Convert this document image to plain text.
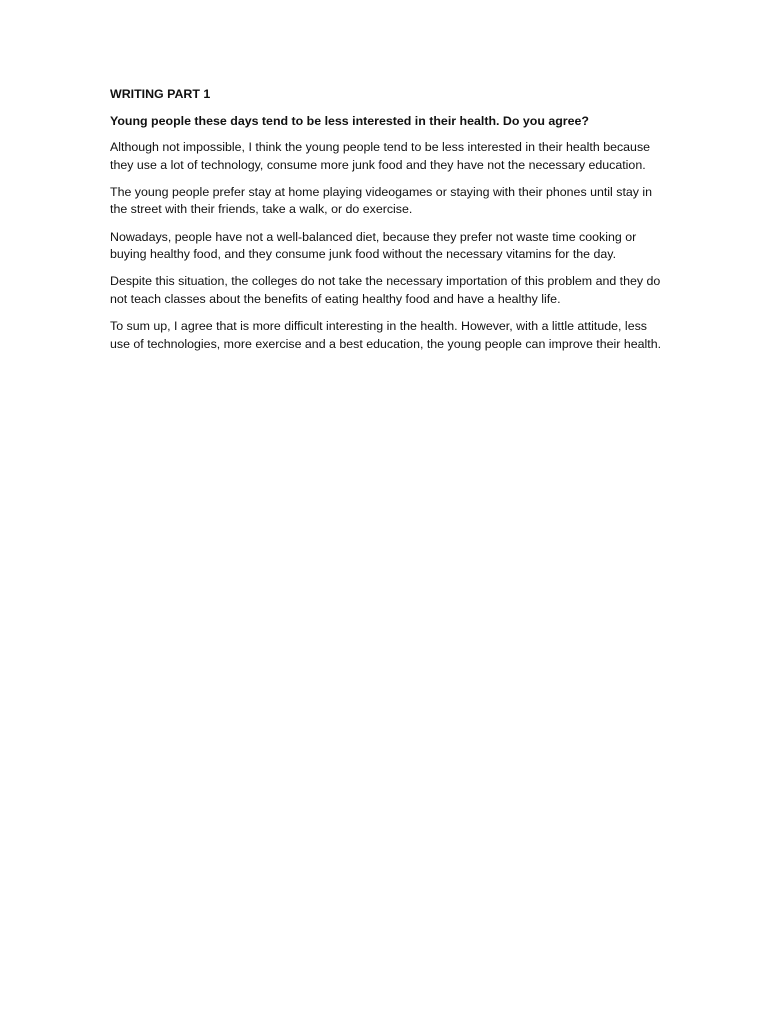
WRITING PART 1

Young people these days tend to be less interested in their health. Do you agree?

Although not impossible, I think the young people tend to be less interested in their health because they use a lot of technology, consume more junk food and they have not the necessary education.

The young people prefer stay at home playing videogames or staying with their phones until stay in the street with their friends, take a walk, or do exercise.

Nowadays, people have not a well-balanced diet, because they prefer not waste time cooking or buying healthy food, and they consume junk food without the necessary vitamins for the day.

Despite this situation, the colleges do not take the necessary importation of this problem and they do not teach classes about the benefits of eating healthy food and have a healthy life.

To sum up, I agree that is more difficult interesting in the health. However, with a little attitude, less use of technologies, more exercise and a best education, the young people can improve their health.
